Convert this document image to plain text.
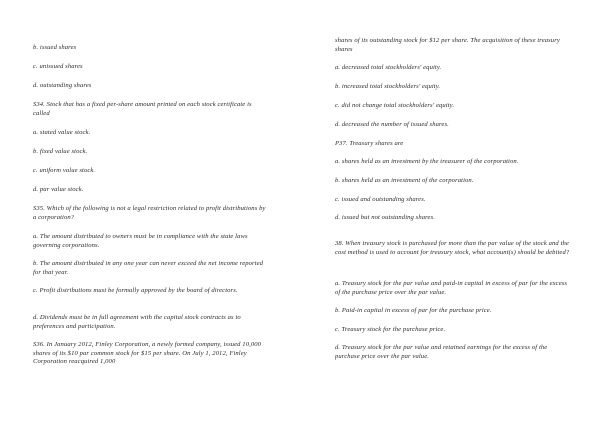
b. issued shares

c. unissued shares

d. outstanding shares

S34. Stock that has a fixed per-share amount printed on each stock certificate is called

a. stated value stock.

b. fixed value stock.

c. uniform value stock.

d. par value stock.

S35. Which of the following is not a legal restriction related to profit distributions by a corporation?

a. The amount distributed to owners must be in compliance with the state laws governing corporations.

b. The amount distributed in any one year can never exceed the net income reported for that year.

c. Profit distributions must be formally approved by the board of directors.

d. Dividends must be in full agreement with the capital stock contracts as to preferences and participation.

S36. In January 2012, Finley Corporation, a newly formed company, issued 10,000 shares of its $10 par common stock for $15 per share. On July 1, 2012, Finley Corporation reacquired 1,000

shares of its outstanding stock for $12 per share. The acquisition of these treasury shares

a. decreased total stockholders' equity.

b. increased total stockholders' equity.

c. did not change total stockholders' equity.

d. decreased the number of issued shares.

P37. Treasury shares are

a. shares held as an investment by the treasurer of the corporation.

b. shares held as an investment of the corporation.

c. issued and outstanding shares.

d. issued but not outstanding shares.

38. When treasury stock is purchased for more than the par value of the stock and the cost method is used to account for treasury stock, what account(s) should be debited?

a. Treasury stock for the par value and paid-in capital in excess of par for the excess of the purchase price over the par value.

b. Paid-in capital in excess of par for the purchase price.

c. Treasury stock for the purchase price.

d. Treasury stock for the par value and retained earnings for the excess of the purchase price over the par value.
